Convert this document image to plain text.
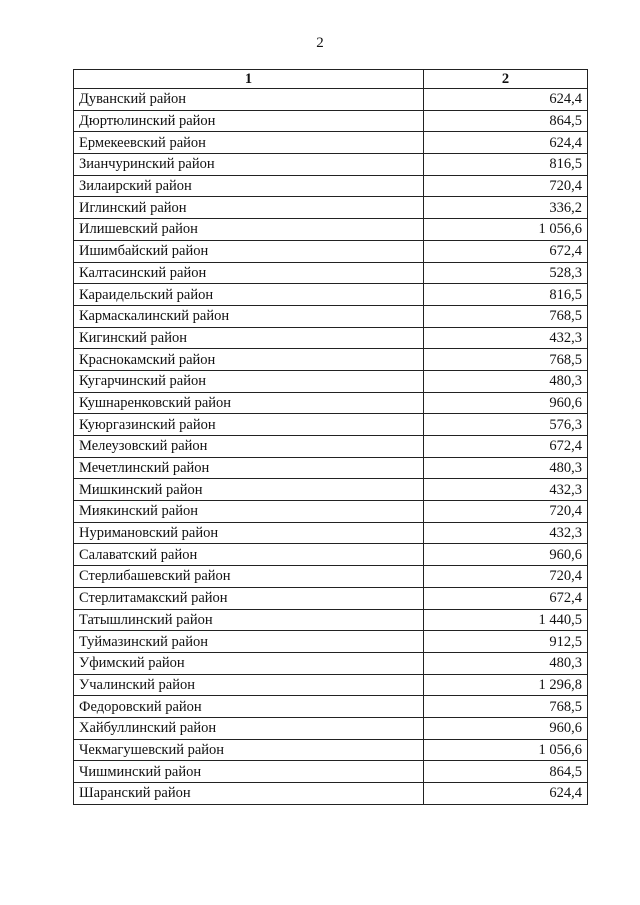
2
1	2
Дуванский район	624,4
Дюртюлинский район	864,5
Ермекеевский район	624,4
Зианчуринский район	816,5
Зилаирский район	720,4
Иглинский район	336,2
Илишевский район	1 056,6
Ишимбайский район	672,4
Калтасинский район	528,3
Караидельский район	816,5
Кармаскалинский район	768,5
Кигинский район	432,3
Краснокамский район	768,5
Кугарчинский район	480,3
Кушнаренковский район	960,6
Куюргазинский район	576,3
Мелеузовский район	672,4
Мечетлинский район	480,3
Мишкинский район	432,3
Миякинский район	720,4
Нуримановский район	432,3
Салаватский район	960,6
Стерлибашевский район	720,4
Стерлитамакский район	672,4
Татышлинский район	1 440,5
Туймазинский район	912,5
Уфимский район	480,3
Учалинский район	1 296,8
Федоровский район	768,5
Хайбуллинский район	960,6
Чекмагушевский район	1 056,6
Чишминский район	864,5
Шаранский район	624,4
